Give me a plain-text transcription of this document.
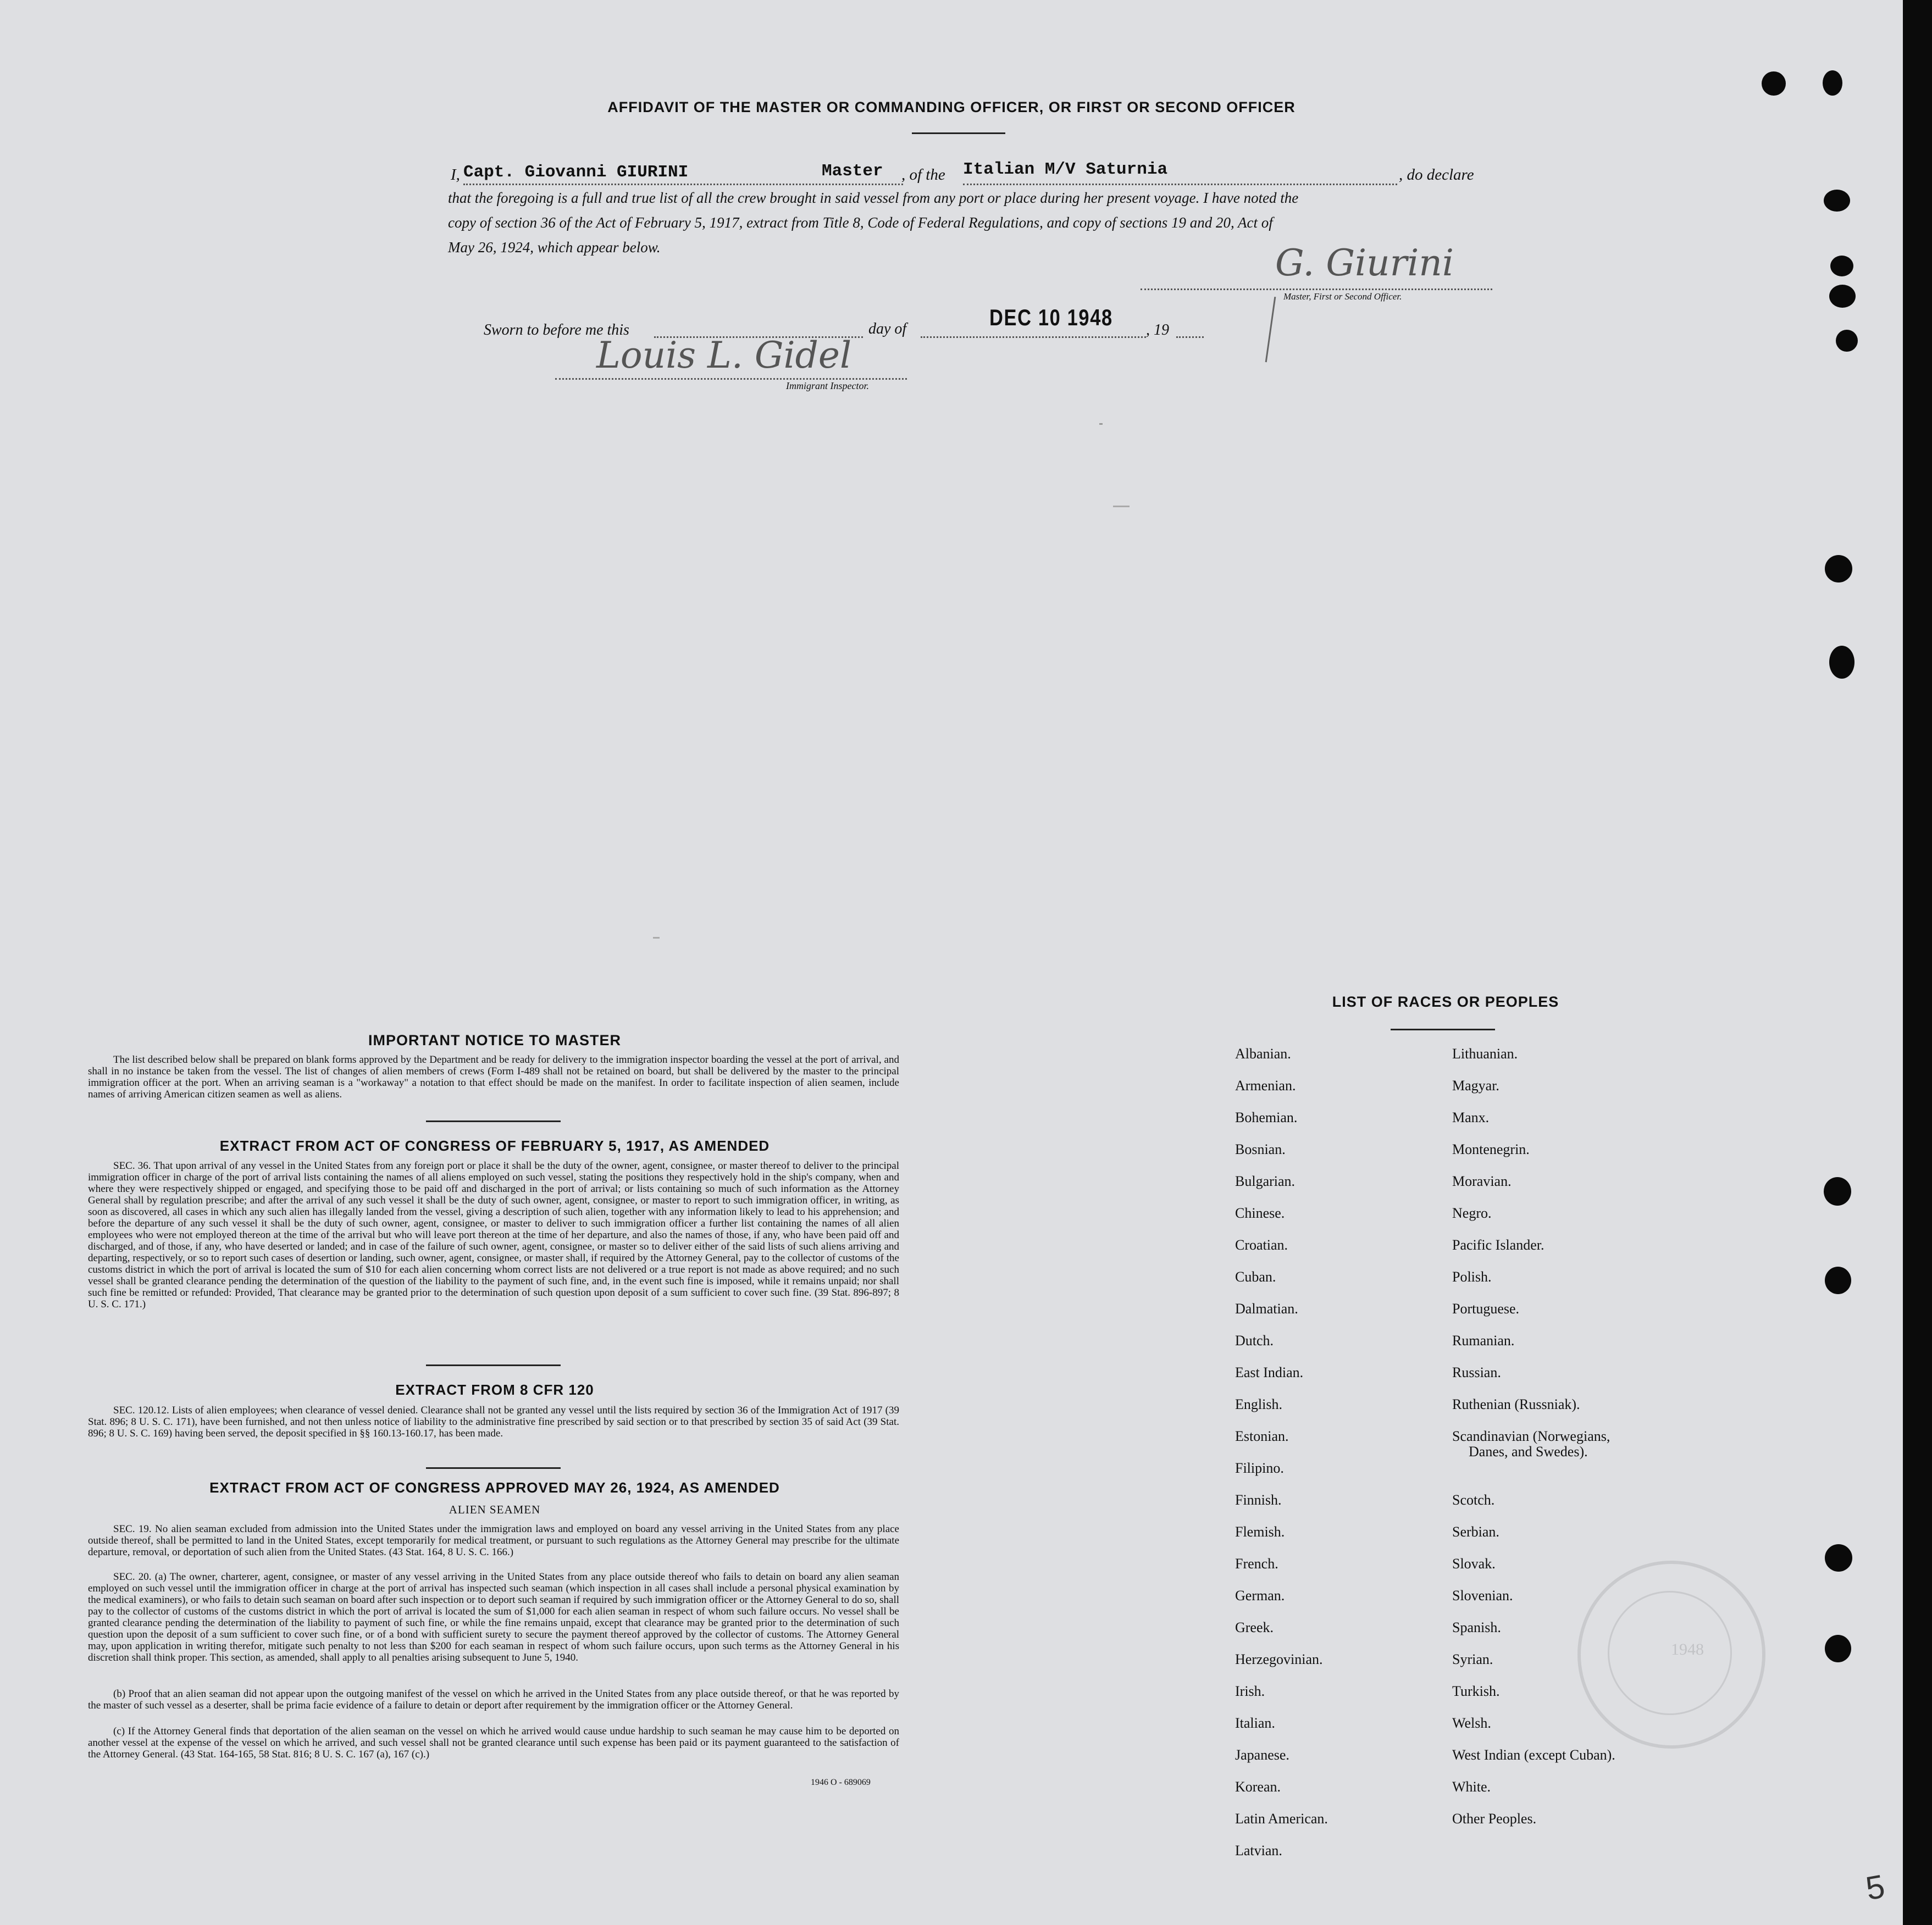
AFFIDAVIT OF THE MASTER OR COMMANDING OFFICER, OR FIRST OR SECOND OFFICER
I, Capt. Giovanni GIURINI	Master , of the Italian M/V Saturnia	, do declare
that the foregoing is a full and true list of all the crew brought in said vessel from any port or place during her present voyage. I have noted the
copy of section 36 of the Act of February 5, 1917, extract from Title 8, Code of Federal Regulations, and copy of sections 19 and 20, Act of
May 26, 1924, which appear below.	G. Giurini
Master, First or Second Officer.
Sworn to before me this	day of	DEC 10 1948 , 19
Louis L. Gidel
Immigrant Inspector.
IMPORTANT NOTICE TO MASTER
The list described below shall be prepared on blank forms approved by the Department and be ready for delivery to the immigration inspector boarding the vessel at the port of arrival, and shall in no instance be taken from the vessel. The list of changes of alien members of crews (Form I-489 shall not be retained on board, but shall be delivered by the master to the principal immigration officer at the port. When an arriving seaman is a "workaway" a notation to that effect should be made on the manifest. In order to facilitate inspection of alien seamen, include names of arriving American citizen seamen as well as aliens.
EXTRACT FROM ACT OF CONGRESS OF FEBRUARY 5, 1917, AS AMENDED
SEC. 36. That upon arrival of any vessel in the United States from any foreign port or place it shall be the duty of the owner, agent, consignee, or master thereof to deliver to the principal immigration officer in charge of the port of arrival lists containing the names of all aliens employed on such vessel, stating the positions they respectively hold in the ship's company, when and where they were respectively shipped or engaged, and specifying those to be paid off and discharged in the port of arrival; or lists containing so much of such information as the Attorney General shall by regulation prescribe; and after the arrival of any such vessel it shall be the duty of such owner, agent, consignee, or master to report to such immigration officer, in writing, as soon as discovered, all cases in which any such alien has illegally landed from the vessel, giving a description of such alien, together with any information likely to lead to his apprehension; and before the departure of any such vessel it shall be the duty of such owner, agent, consignee, or master to deliver to such immigration officer a further list containing the names of all alien employees who were not employed thereon at the time of the arrival but who will leave port thereon at the time of her departure, and also the names of those, if any, who have been paid off and discharged, and of those, if any, who have deserted or landed; and in case of the failure of such owner, agent, consignee, or master so to deliver either of the said lists of such aliens arriving and departing, respectively, or so to report such cases of desertion or landing, such owner, agent, consignee, or master shall, if required by the Attorney General, pay to the collector of customs of the customs district in which the port of arrival is located the sum of $10 for each alien concerning whom correct lists are not delivered or a true report is not made as above required; and no such vessel shall be granted clearance pending the determination of the question of the liability to the payment of such fine, and, in the event such fine is imposed, while it remains unpaid; nor shall such fine be remitted or refunded: Provided, That clearance may be granted prior to the determination of such question upon deposit of a sum sufficient to cover such fine. (39 Stat. 896-897; 8 U. S. C. 171.)
EXTRACT FROM 8 CFR 120
SEC. 120.12. Lists of alien employees; when clearance of vessel denied. Clearance shall not be granted any vessel until the lists required by section 36 of the Immigration Act of 1917 (39 Stat. 896; 8 U. S. C. 171), have been furnished, and not then unless notice of liability to the administrative fine prescribed by said section or to that prescribed by section 35 of said Act (39 Stat. 896; 8 U. S. C. 169) having been served, the deposit specified in §§ 160.13-160.17, has been made.
EXTRACT FROM ACT OF CONGRESS APPROVED MAY 26, 1924, AS AMENDED
ALIEN SEAMEN
SEC. 19. No alien seaman excluded from admission into the United States under the immigration laws and employed on board any vessel arriving in the United States from any place outside thereof, shall be permitted to land in the United States, except temporarily for medical treatment, or pursuant to such regulations as the Attorney General may prescribe for the ultimate departure, removal, or deportation of such alien from the United States. (43 Stat. 164, 8 U. S. C. 166.)
SEC. 20. (a) The owner, charterer, agent, consignee, or master of any vessel arriving in the United States from any place outside thereof who fails to detain on board any alien seaman employed on such vessel until the immigration officer in charge at the port of arrival has inspected such seaman (which inspection in all cases shall include a personal physical examination by the medical examiners), or who fails to detain such seaman on board after such inspection or to deport such seaman if required by such immigration officer or the Attorney General to do so, shall pay to the collector of customs of the customs district in which the port of arrival is located the sum of $1,000 for each alien seaman in respect of whom such failure occurs. No vessel shall be granted clearance pending the determination of the liability to payment of such fine, or while the fine remains unpaid, except that clearance may be granted prior to the determination of such question upon the deposit of a sum sufficient to cover such fine, or of a bond with sufficient surety to secure the payment thereof approved by the collector of customs. The Attorney General may, upon application in writing therefor, mitigate such penalty to not less than $200 for each seaman in respect of whom such failure occurs, upon such terms as the Attorney General in his discretion shall think proper. This section, as amended, shall apply to all penalties arising subsequent to June 5, 1940.
(b) Proof that an alien seaman did not appear upon the outgoing manifest of the vessel on which he arrived in the United States from any place outside thereof, or that he was reported by the master of such vessel as a deserter, shall be prima facie evidence of a failure to detain or deport after requirement by the immigration officer or the Attorney General.
(c) If the Attorney General finds that deportation of the alien seaman on the vessel on which he arrived would cause undue hardship to such seaman he may cause him to be deported on another vessel at the expense of the vessel on which he arrived, and such vessel shall not be granted clearance until such expense has been paid or its payment guaranteed to the satisfaction of the Attorney General. (43 Stat. 164-165, 58 Stat. 816; 8 U. S. C. 167 (a), 167 (c).)
1946 O - 689069
LIST OF RACES OR PEOPLES
Albanian.
Armenian.
Bohemian.
Bosnian.
Bulgarian.
Chinese.
Croatian.
Cuban.
Dalmatian.
Dutch.
East Indian.
English.
Estonian.
Filipino.
Finnish.
Flemish.
French.
German.
Greek.
Herzegovinian.
Irish.
Italian.
Japanese.
Korean.
Latin American.
Latvian.
Lithuanian.
Magyar.
Manx.
Montenegrin.
Moravian.
Negro.
Pacific Islander.
Polish.
Portuguese.
Rumanian.
Russian.
Ruthenian (Russniak).
Scandinavian (Norwegians,
Danes, and Swedes).
Scotch.
Serbian.
Slovak.
Slovenian.
Spanish.
Syrian.
Turkish.
Welsh.
West Indian (except Cuban).
White.
Other Peoples.
1948
5
